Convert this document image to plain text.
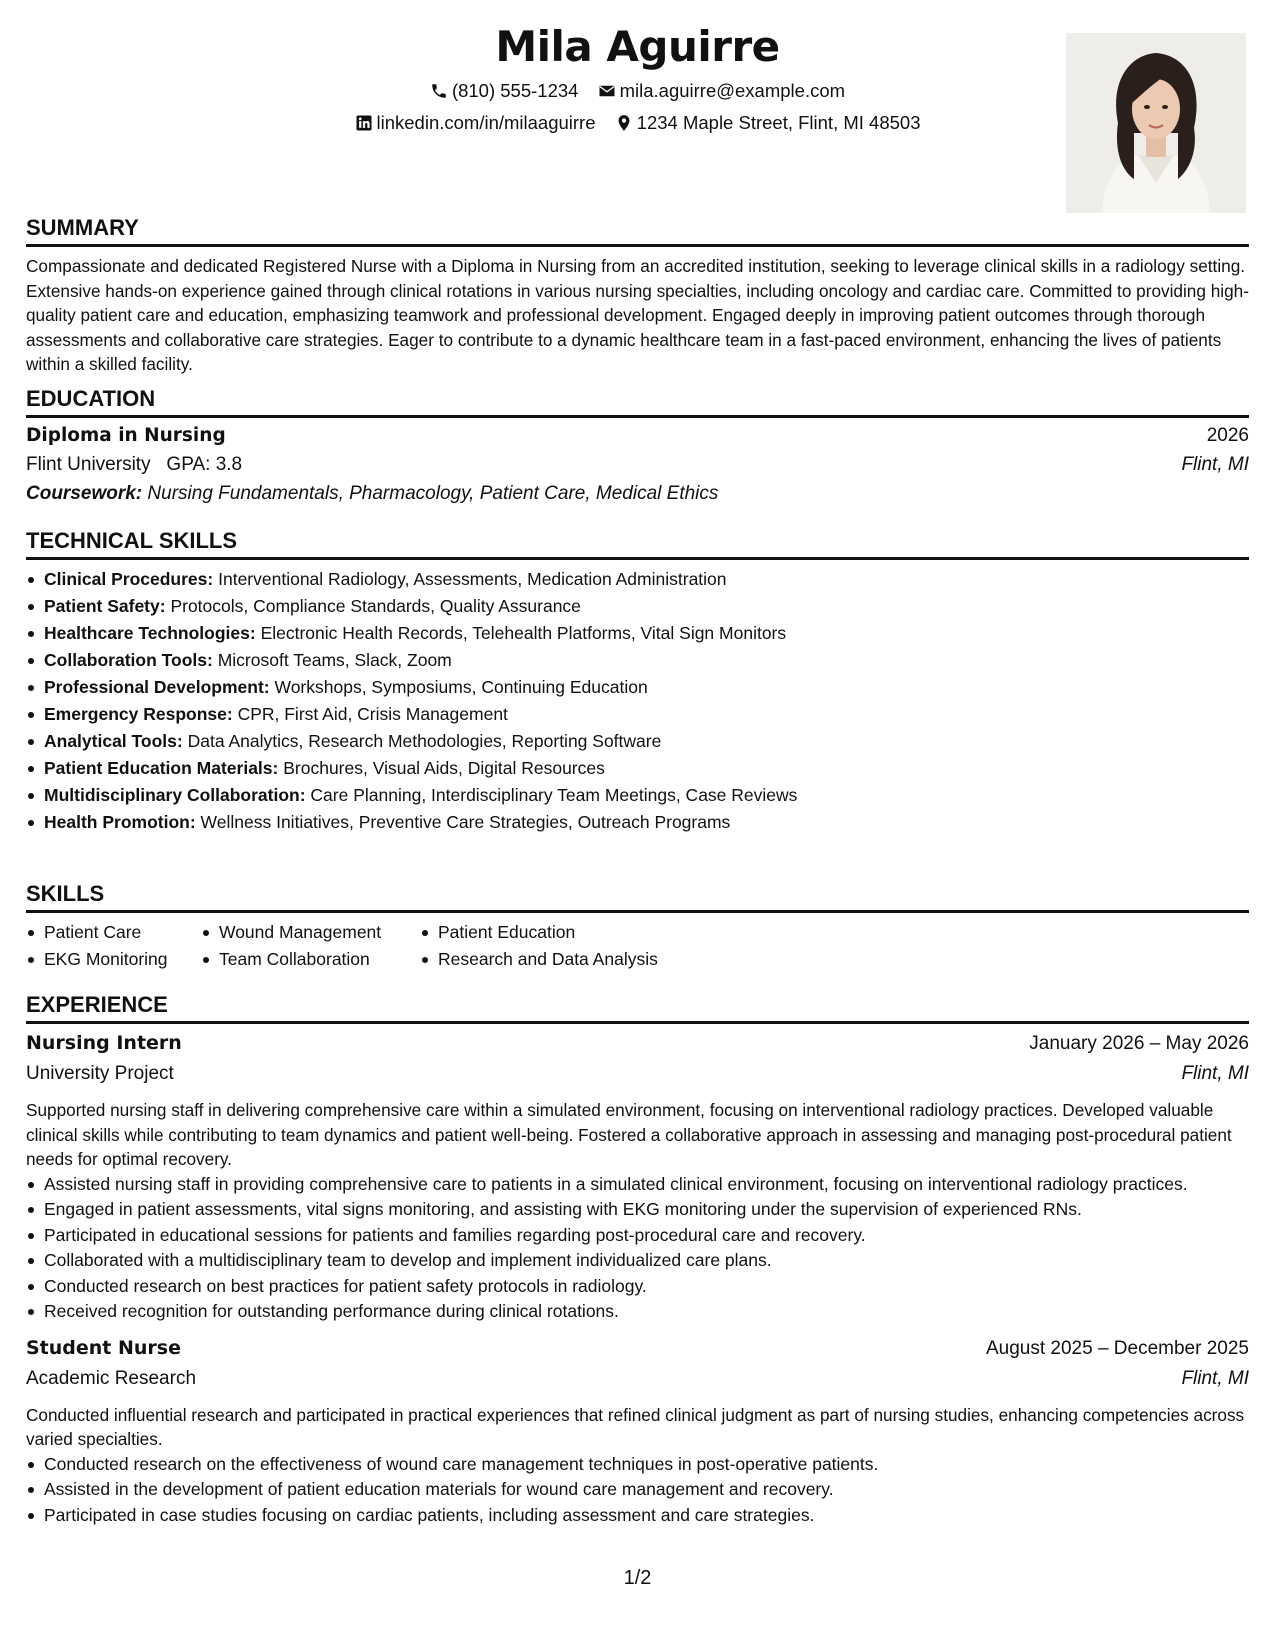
Mila Aguirre
(810) 555-1234
mila.aguirre@example.com
linkedin.com/in/milaaguirre
1234 Maple Street, Flint, MI 48503
SUMMARY

Compassionate and dedicated Registered Nurse with a Diploma in Nursing from an accredited institution, seeking to leverage clinical skills in a radiology setting. Extensive hands-on experience gained through clinical rotations in various nursing specialties, including oncology and cardiac care. Committed to providing high-quality patient care and education, emphasizing teamwork and professional development. Engaged deeply in improving patient outcomes through thorough assessments and collaborative care strategies. Eager to contribute to a dynamic healthcare team in a fast-paced environment, enhancing the lives of patients within a skilled facility.

EDUCATION
Diploma in Nursing	2026
Flint University GPA: 3.8	Flint, MI
Coursework: Nursing Fundamentals, Pharmacology, Patient Care, Medical Ethics
TECHNICAL SKILLS
Clinical Procedures: Interventional Radiology, Assessments, Medication Administration
Patient Safety: Protocols, Compliance Standards, Quality Assurance
Healthcare Technologies: Electronic Health Records, Telehealth Platforms, Vital Sign Monitors
Collaboration Tools: Microsoft Teams, Slack, Zoom
Professional Development: Workshops, Symposiums, Continuing Education
Emergency Response: CPR, First Aid, Crisis Management
Analytical Tools: Data Analytics, Research Methodologies, Reporting Software
Patient Education Materials: Brochures, Visual Aids, Digital Resources
Multidisciplinary Collaboration: Care Planning, Interdisciplinary Team Meetings, Case Reviews
Health Promotion: Wellness Initiatives, Preventive Care Strategies, Outreach Programs
SKILLS
Patient Care	Wound Management	Patient Education
EKG Monitoring	Team Collaboration	Research and Data Analysis
EXPERIENCE
Nursing Intern	January 2026 – May 2026
University Project	Flint, MI

Supported nursing staff in delivering comprehensive care within a simulated environment, focusing on interventional radiology practices. Developed valuable clinical skills while contributing to team dynamics and patient well-being. Fostered a collaborative approach in assessing and managing post-procedural patient needs for optimal recovery.

Assisted nursing staff in providing comprehensive care to patients in a simulated clinical environment, focusing on interventional radiology practices.
Engaged in patient assessments, vital signs monitoring, and assisting with EKG monitoring under the supervision of experienced RNs.
Participated in educational sessions for patients and families regarding post-procedural care and recovery.
Collaborated with a multidisciplinary team to develop and implement individualized care plans.
Conducted research on best practices for patient safety protocols in radiology.
Received recognition for outstanding performance during clinical rotations.
Student Nurse	August 2025 – December 2025
Academic Research	Flint, MI

Conducted influential research and participated in practical experiences that refined clinical judgment as part of nursing studies, enhancing competencies across varied specialties.

Conducted research on the effectiveness of wound care management techniques in post-operative patients.
Assisted in the development of patient education materials for wound care management and recovery.
Participated in case studies focusing on cardiac patients, including assessment and care strategies.
1/2
